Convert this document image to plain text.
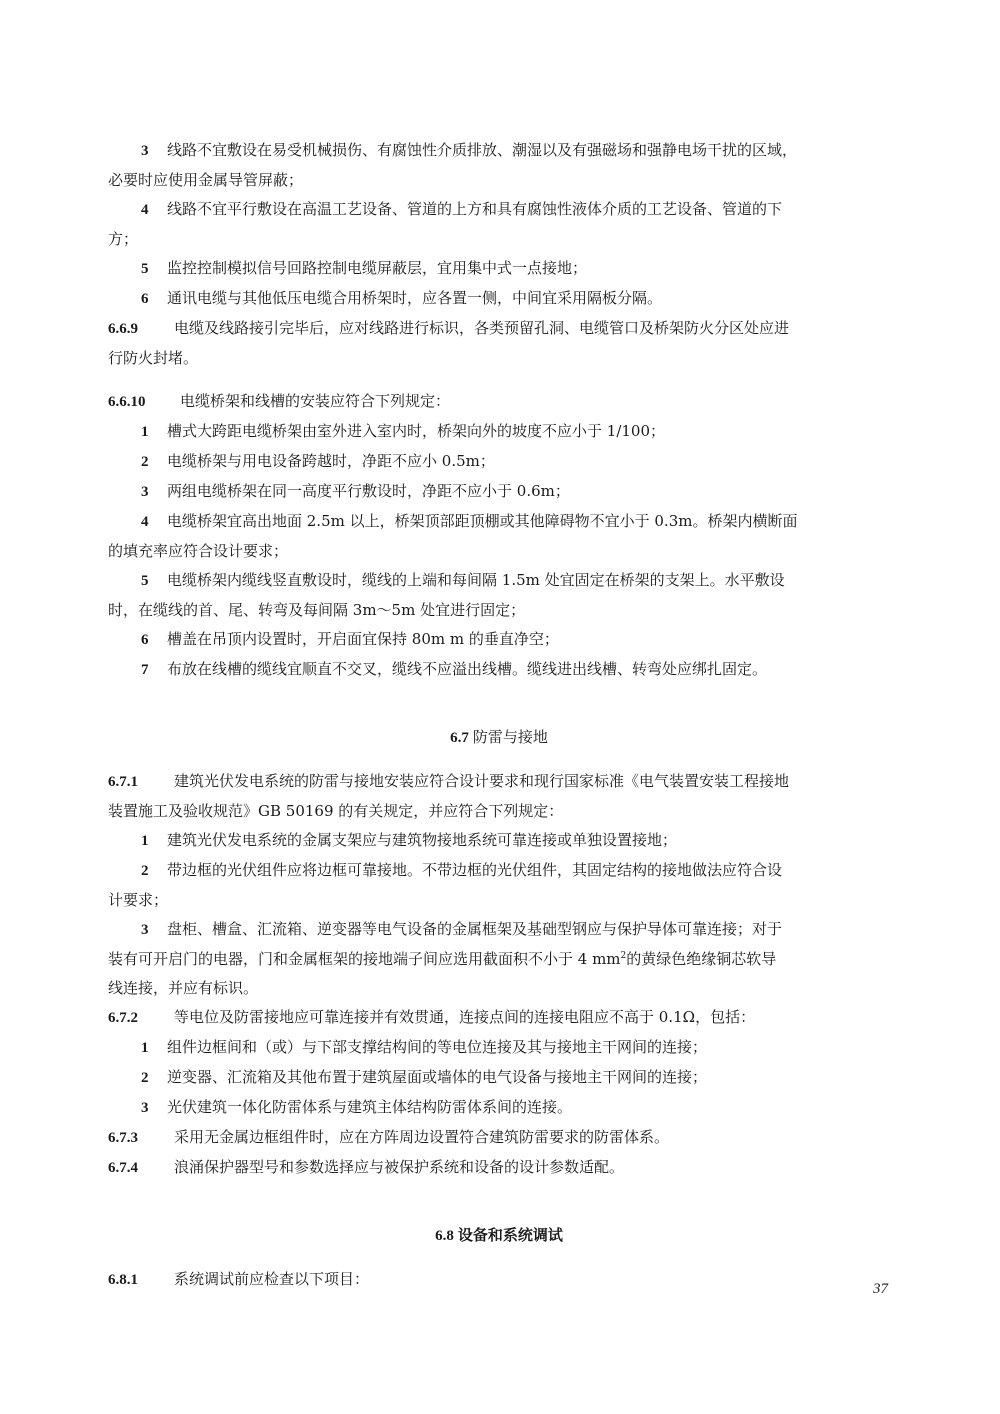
3 线路不宜敷设在易受机械损伤、有腐蚀性介质排放、潮湿以及有强磁场和强静电场干扰的区域，

必要时应使用金属导管屏蔽；

4 线路不宜平行敷设在高温工艺设备、管道的上方和具有腐蚀性液体介质的工艺设备、管道的下

方；

5 监控控制模拟信号回路控制电缆屏蔽层，宜用集中式一点接地；

6 通讯电缆与其他低压电缆合用桥架时，应各置一侧，中间宜采用隔板分隔。

6.6.9 电缆及线路接引完毕后，应对线路进行标识，各类预留孔洞、电缆管口及桥架防火分区处应进

行防火封堵。

6.6.10 电缆桥架和线槽的安装应符合下列规定：

1 槽式大跨距电缆桥架由室外进入室内时，桥架向外的坡度不应小于 1/100；

2 电缆桥架与用电设备跨越时，净距不应小 0.5m；

3 两组电缆桥架在同一高度平行敷设时，净距不应小于 0.6m；

4 电缆桥架宜高出地面 2.5m 以上，桥架顶部距顶棚或其他障碍物不宜小于 0.3m。桥架内横断面

的填充率应符合设计要求；

5 电缆桥架内缆线竖直敷设时，缆线的上端和每间隔 1.5m 处宜固定在桥架的支架上。水平敷设

时，在缆线的首、尾、转弯及每间隔 3m～5m 处宜进行固定；

6 槽盖在吊顶内设置时，开启面宜保持 80m m 的垂直净空；

7 布放在线槽的缆线宜顺直不交叉，缆线不应溢出线槽。缆线进出线槽、转弯处应绑扎固定。

6.7 防雷与接地

6.7.1 建筑光伏发电系统的防雷与接地安装应符合设计要求和现行国家标准《电气装置安装工程接地

装置施工及验收规范》GB 50169 的有关规定，并应符合下列规定：

1 建筑光伏发电系统的金属支架应与建筑物接地系统可靠连接或单独设置接地；

2 带边框的光伏组件应将边框可靠接地。不带边框的光伏组件，其固定结构的接地做法应符合设

计要求；

3 盘柜、槽盒、汇流箱、逆变器等电气设备的金属框架及基础型钢应与保护导体可靠连接；对于

装有可开启门的电器，门和金属框架的接地端子间应选用截面积不小于 4 $mm^2$的黄绿色绝缘铜芯软导

线连接，并应有标识。

6.7.2 等电位及防雷接地应可靠连接并有效贯通，连接点间的连接电阻应不高于 0.1Ω，包括：

1 组件边框间和（或）与下部支撑结构间的等电位连接及其与接地主干网间的连接；

2 逆变器、汇流箱及其他布置于建筑屋面或墙体的电气设备与接地主干网间的连接；

3 光伏建筑一体化防雷体系与建筑主体结构防雷体系间的连接。

6.7.3 采用无金属边框组件时，应在方阵周边设置符合建筑防雷要求的防雷体系。

6.7.4 浪涌保护器型号和参数选择应与被保护系统和设备的设计参数适配。

6.8 设备和系统调试

6.8.1 系统调试前应检查以下项目：

37
